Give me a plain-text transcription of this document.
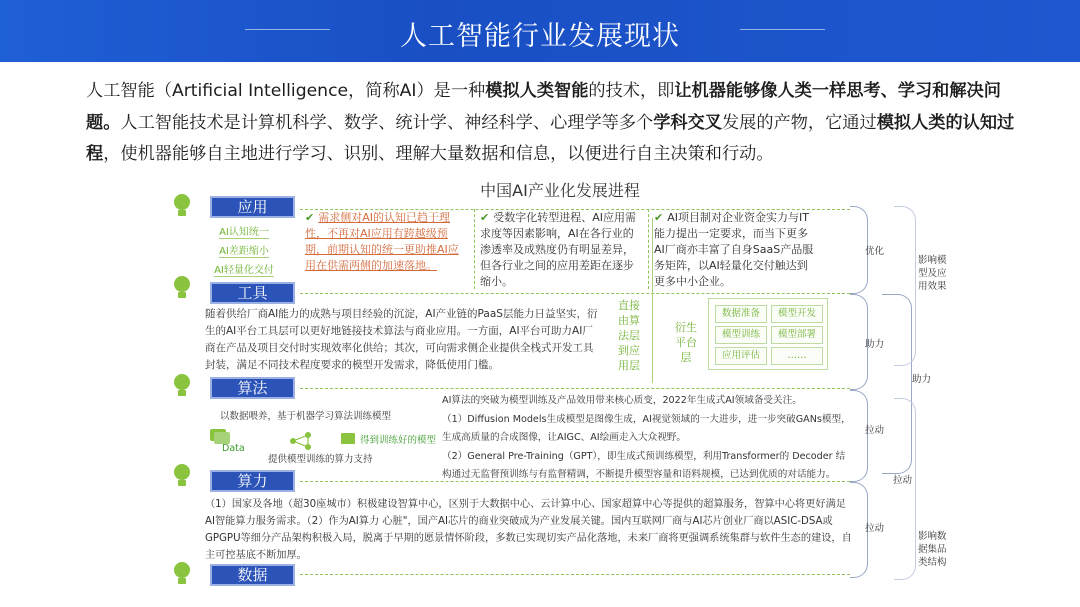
人工智能行业发展现状
人工智能（Artificial Intelligence，简称AI）是一种模拟人类智能的技术，即让机器能够像人类一样思考、学习和解决问题。人工智能技术是计算机科学、数学、统计学、神经科学、心理学等多个学科交叉发展的产物，它通过模拟人类的认知过程，使机器能够自主地进行学习、识别、理解大量数据和信息，以便进行自主决策和行动。
中国AI产业化发展进程
应用
工具
算法
算力
数据
AI认知统一
AI差距缩小
AI轻量化交付
✔ 需求侧对AI的认知已趋于理性，不再对AI应用有跨越级预期，前期认知的统一更助推AI应用在供需两侧的加速落地。
✔ 受数字化转型进程、AI应用需求度等因素影响，AI在各行业的渗透率及成熟度仍有明显差异，但各行业之间的应用差距在逐步缩小。
✔ AI项目制对企业资金实力与IT能力提出一定要求，而当下更多AI厂商亦丰富了自身SaaS产品服务矩阵，以AI轻量化交付触达到更多中小企业。
随着供给厂商AI能力的成熟与项目经验的沉淀，AI产业链的PaaS层能力日益坚实，衍生的AI平台工具层可以更好地链接技术算法与商业应用。一方面，AI平台可助力AI厂商在产品及项目交付时实现效率化供给；其次，可向需求侧企业提供全栈式开发工具封装，满足不同技术程度要求的模型开发需求，降低使用门槛。
直接由算法层到应用层
衍生平台层
数据准备	模型开发
模型训练	模型部署
应用评估	……
以数据喂养，基于机器学习算法训练模型
Data
得到训练好的模型
提供模型训练的算力支持
AI算法的突破为模型训练及产品效用带来核心质变，2022年生成式AI领域备受关注。
（1）Diffusion Models生成模型是图像生成，AI视觉领域的一大进步，进一步突破GANs模型，生成高质量的合成图像，让AIGC、AI绘画走入大众视野。
（2）General Pre-Training（GPT），即生成式预训练模型，利用Transformer的 Decoder 结构通过无监督预训练与有监督精调，不断提升模型容量和语料规模，已达到优质的对话能力。
（1）国家及各地（超30座城市）积极建设智算中心，区别于大数据中心、云计算中心、国家超算中心等提供的超算服务，智算中心将更好满足AI智能算力服务需求。（2）作为AI算力 心脏"，国产AI芯片的商业突破成为产业发展关键。国内互联网厂商与AI芯片创业厂商以ASIC-DSA或GPGPU等细分产品架构积极入局，脱离于早期的愿景情怀阶段，多数已实现切实产品化落地，未来厂商将更强调系统集群与软件生态的建设，自主可控基底不断加厚。
优化
助力
拉动
拉动
助力
拉动
影响模型及应用效果
影响数据集品类结构
